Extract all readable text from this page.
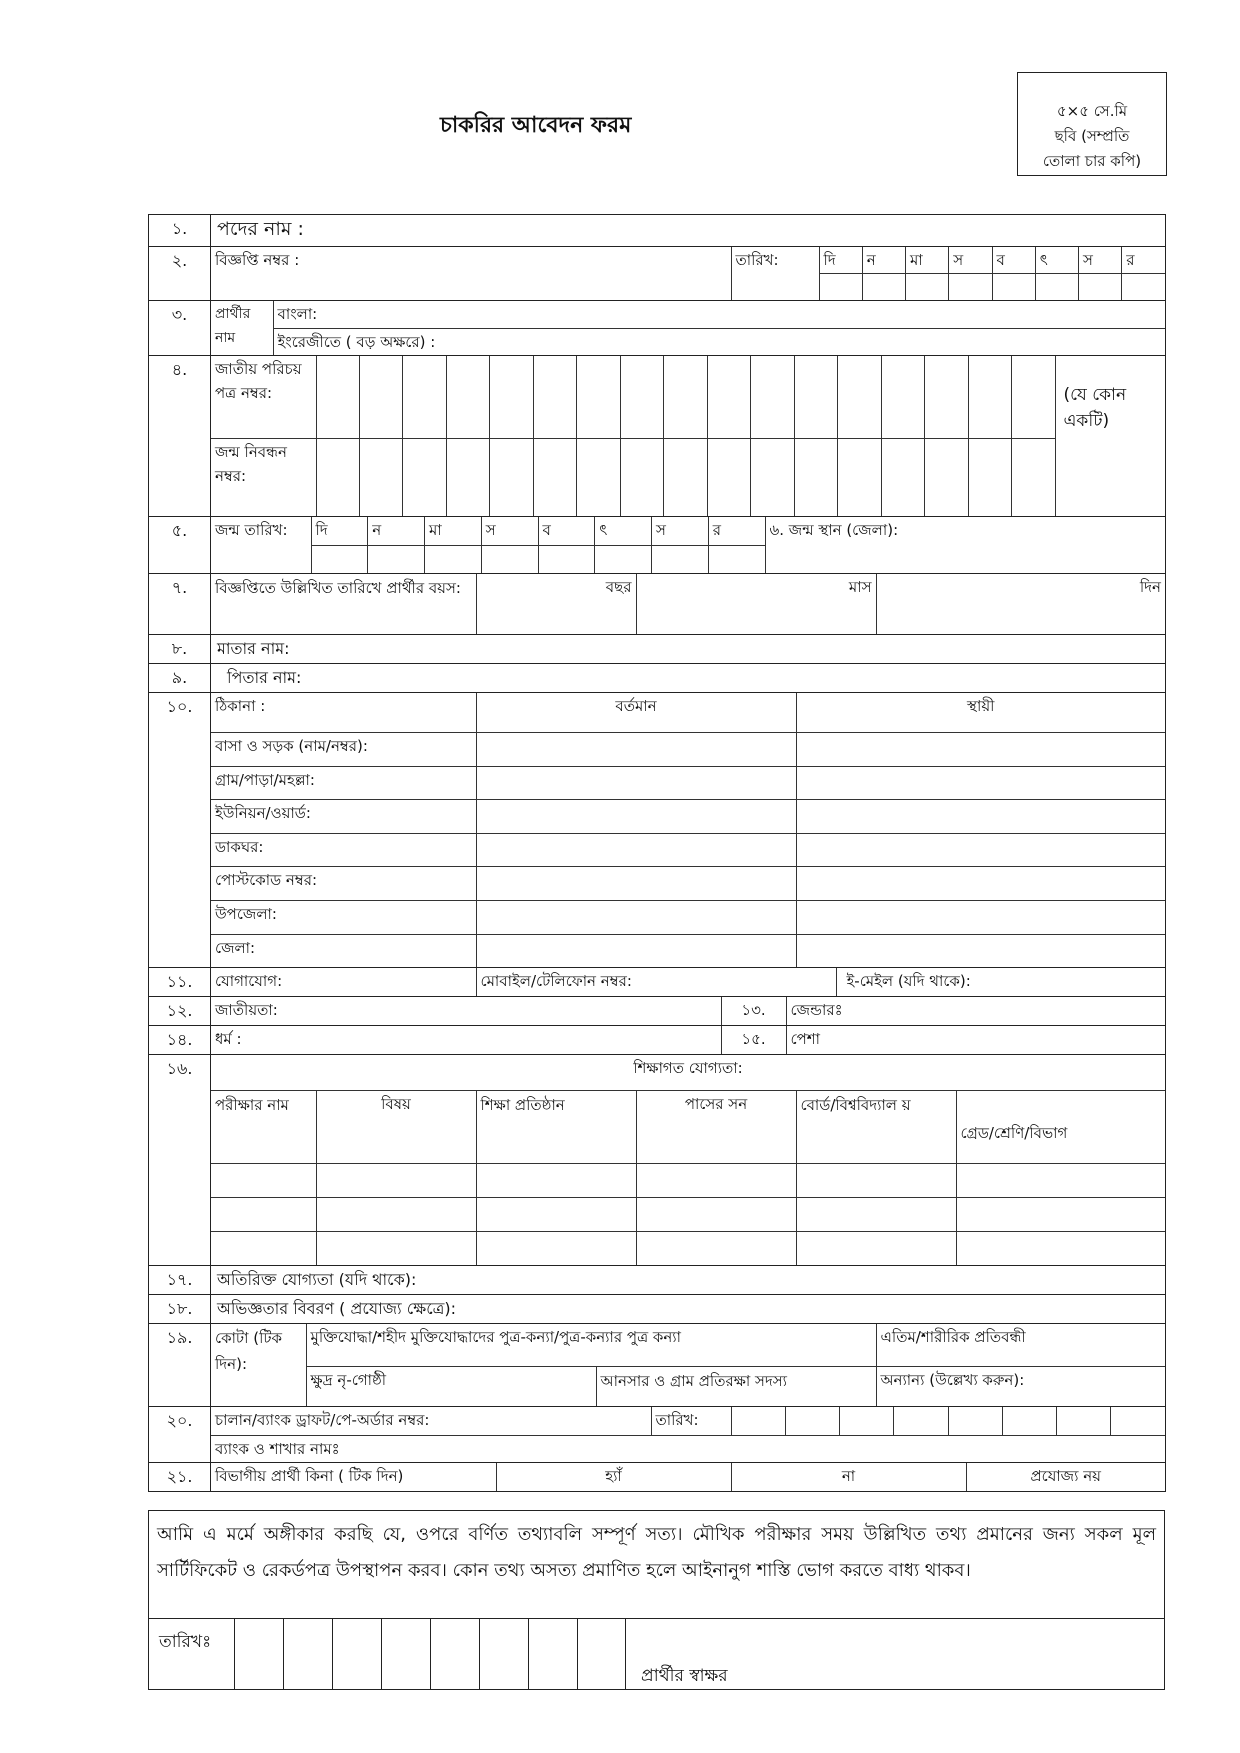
চাকরির আবেদন ফরম
৫×৫ সে.মি
ছবি (সম্প্রতি
তোলা চার কপি)
১.	পদের নাম :
২.	বিজ্ঞপ্তি নম্বর :	তারিখ:	দি	ন	মা	স	ব	ৎ	স	র

৩.	প্রার্থীর নাম	বাংলা:
ইংরেজীতে ( বড় অক্ষরে) :

৪.	জাতীয় পরিচয় পত্র নম্বর:																		(যে কোন একটি)
জন্ম নিবন্ধন নম্বর:																	

৫.	জন্ম তারিখ:	দি	ন	মা	স	ব	ৎ	স	র	৬. জন্ম স্থান (জেলা):

৭.	বিজ্ঞপ্তিতে উল্লিখিত তারিখে প্রার্থীর বয়স:	বছর	মাস	দিন

৮.	মাতার নাম:
৯.	পিতার নাম:
১০.	ঠিকানা :	বর্তমান	স্থায়ী
বাসা ও সড়ক (নাম/নম্বর):		
গ্রাম/পাড়া/মহল্লা:		
ইউনিয়ন/ওয়ার্ড:		
ডাকঘর:		
পোস্টকোড নম্বর:		
উপজেলা:		
জেলা:		

১১.	যোগাযোগ:	মোবাইল/টেলিফোন নম্বর:	ই-মেইল (যদি থাকে):

১২.	জাতীয়তা:	১৩.	জেন্ডারঃ

১৪.	ধর্ম :	১৫.	পেশা

১৬.		শিক্ষাগত যোগ্যতা:
পরীক্ষার নাম	বিষয়	শিক্ষা প্রতিষ্ঠান	পাসের সন	বোর্ড/বিশ্ববিদ্যাল য়	গ্রেড/শ্রেণি/বিভাগ

১৭.	অতিরিক্ত যোগ্যতা (যদি থাকে):
১৮.	অভিজ্ঞতার বিবরণ ( প্রযোজ্য ক্ষেত্রে):
১৯.	কোটা (টিক দিন):	মুক্তিযোদ্ধা/শহীদ মুক্তিযোদ্ধাদের পুত্র-কন্যা/পুত্র-কন্যার পুত্র কন্যা	এতিম/শারীরিক প্রতিবন্ধী
ক্ষুদ্র নৃ-গোষ্ঠী	আনসার ও গ্রাম প্রতিরক্ষা সদস্য	অন্যান্য (উল্লেখ্য করুন):

২০.	চালান/ব্যাংক ড্রাফট/পে-অর্ডার নম্বর:	তারিখ:								
ব্যাংক ও শাখার নামঃ

২১.	বিভাগীয় প্রার্থী কিনা ( টিক দিন)	হ্যাঁ	না	প্রযোজ্য নয়
আমি এ মর্মে অঙ্গীকার করছি যে, ওপরে বর্ণিত তথ্যাবলি সম্পূর্ণ সত্য। মৌখিক পরীক্ষার সময় উল্লিখিত তথ্য প্রমানের জন্য সকল মূল সার্টিফিকেট ও রেকর্ডপত্র উপস্থাপন করব। কোন তথ্য অসত্য প্রমাণিত হলে আইনানুগ শাস্তি ভোগ করতে বাধ্য থাকব।
তারিখঃ
প্রার্থীর স্বাক্ষর
